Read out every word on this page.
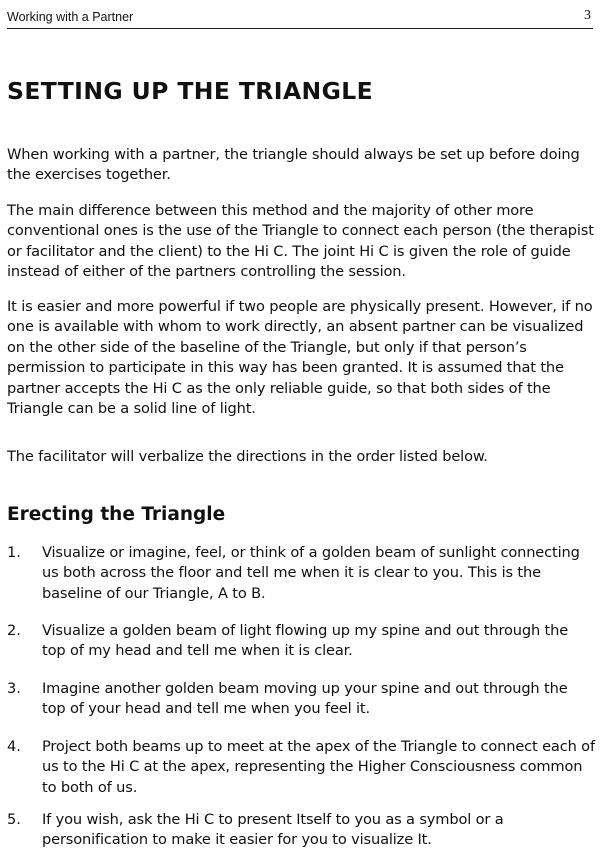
Working with a Partner	3
SETTING UP THE TRIANGLE

When working with a partner, the triangle should always be set up before doing the exercises together.

The main difference between this method and the majority of other more conventional ones is the use of the Triangle to connect each person (the therapist or facilitator and the client) to the Hi C. The joint Hi C is given the role of guide instead of either of the partners controlling the session.

It is easier and more powerful if two people are physically present. However, if no one is available with whom to work directly, an absent partner can be visualized on the other side of the baseline of the Triangle, but only if that person’s permission to participate in this way has been granted. It is assumed that the partner accepts the Hi C as the only reliable guide, so that both sides of the Triangle can be a solid line of light.

The facilitator will verbalize the directions in the order listed below.

Erecting the Triangle
1. Visualize or imagine, feel, or think of a golden beam of sunlight connecting us both across the floor and tell me when it is clear to you. This is the baseline of our Triangle, A to B.

2. Visualize a golden beam of light flowing up my spine and out through the top of my head and tell me when it is clear.

3. Imagine another golden beam moving up your spine and out through the top of your head and tell me when you feel it.

4. Project both beams up to meet at the apex of the Triangle to connect each of us to the Hi C at the apex, representing the Higher Consciousness common to both of us.

5. If you wish, ask the Hi C to present Itself to you as a symbol or a personification to make it easier for you to visualize It.
